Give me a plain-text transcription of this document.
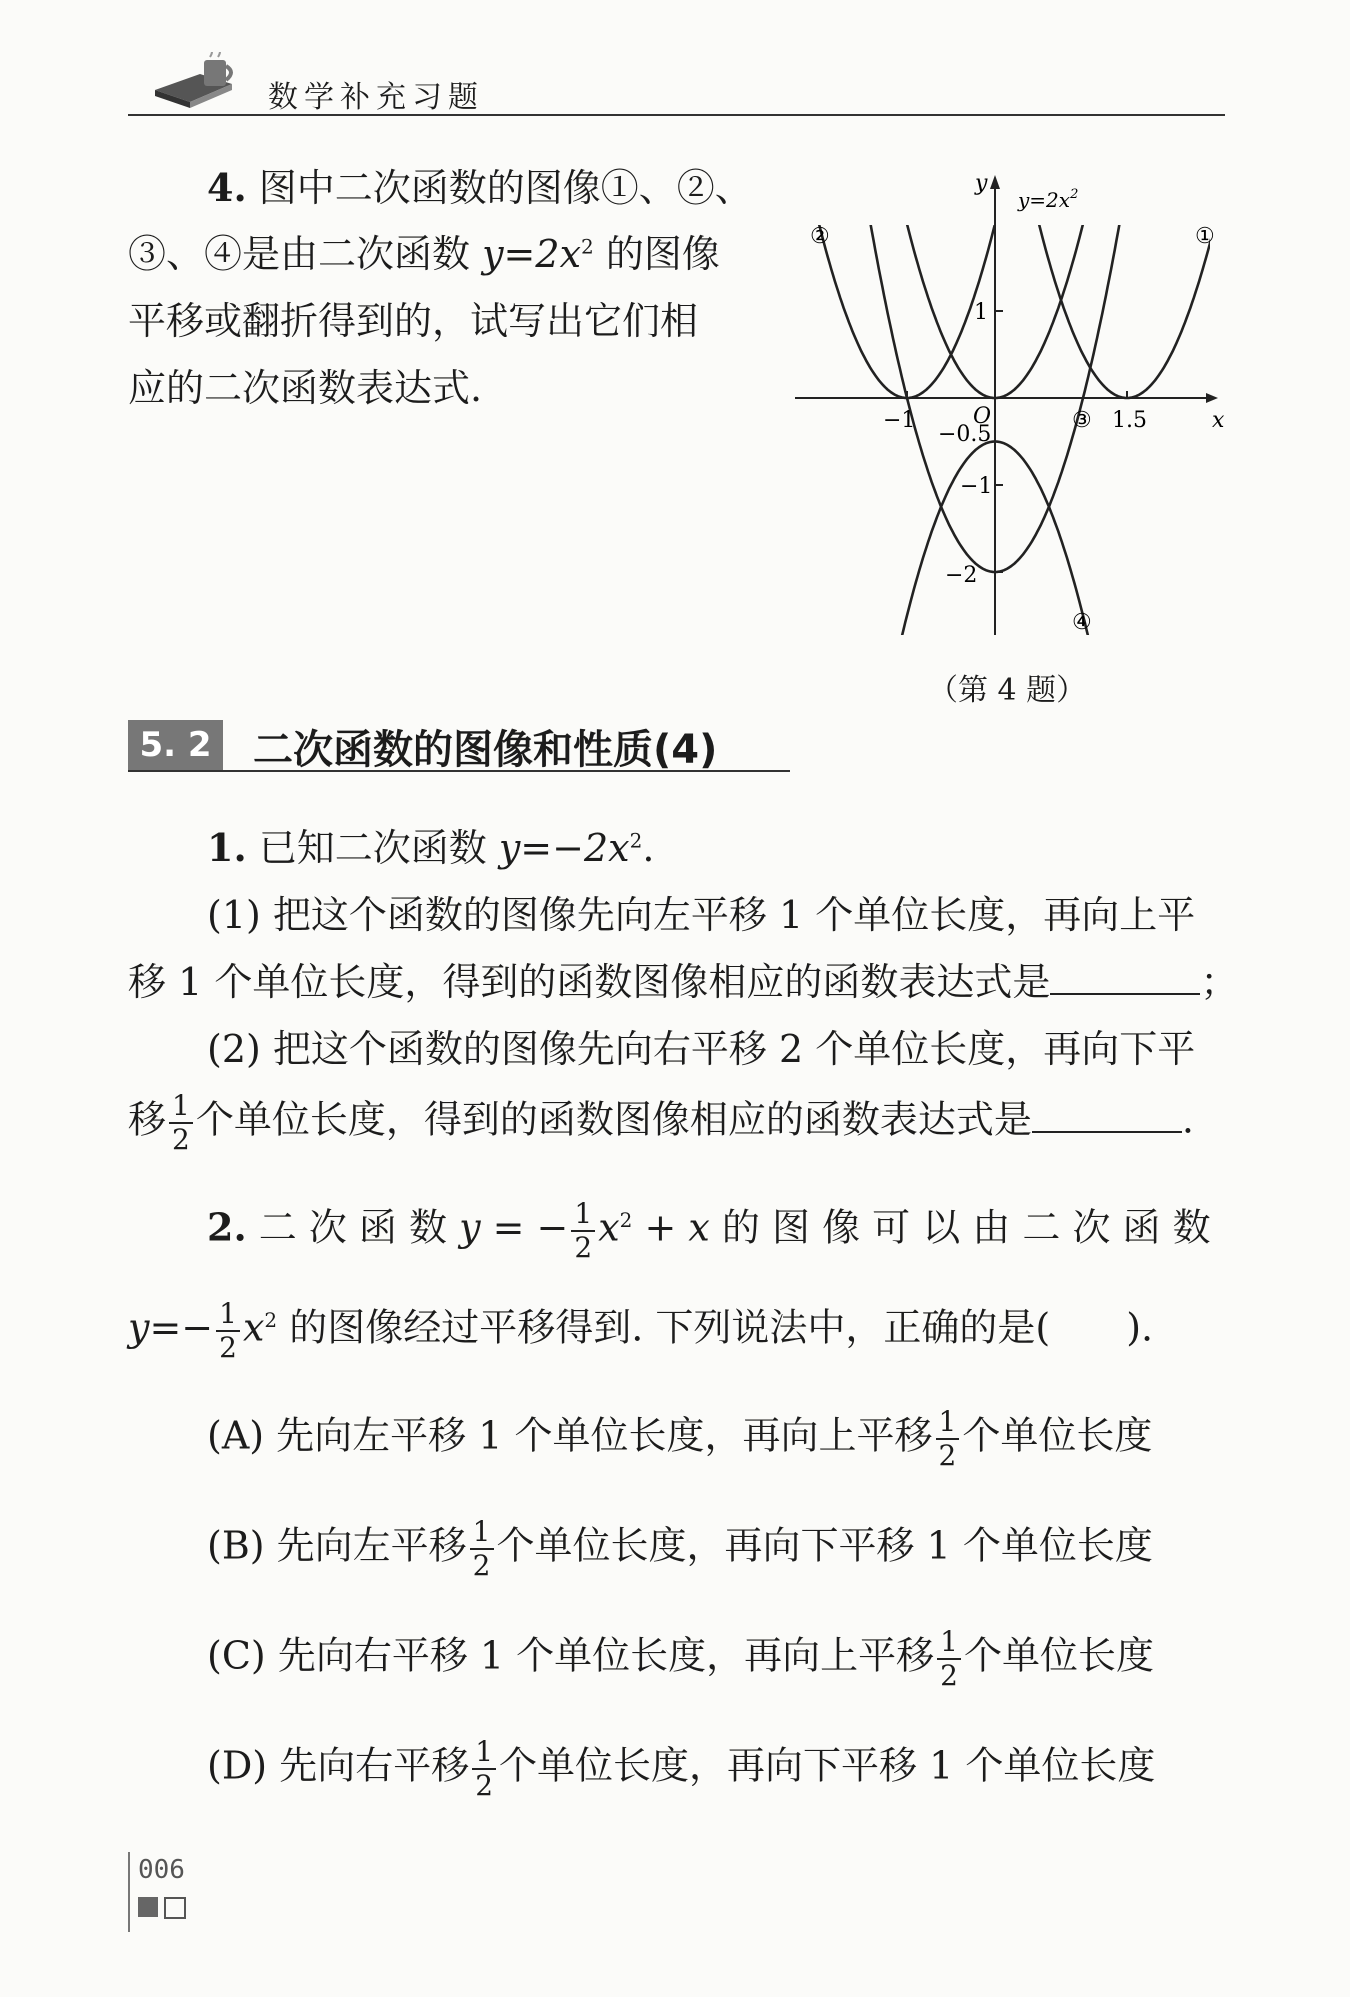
数学补充习题
4. 图中二次函数的图像①、②、
③、④是由二次函数 $y=2x^2$ 的图像
平移或翻折得到的，试写出它们相
应的二次函数表达式.
y
x
O
$y=2x^2$
−1	1.5
1
−0.5
−1
−2
①
②
③
④
（第 4 题）
5. 2 二次函数的图像和性质(4)
1. 已知二次函数 $y=-2x^2$.
(1) 把这个函数的图像先向左平移 1 个单位长度，再向上平
移 1 个单位长度，得到的函数图像相应的函数表达式是	；
(2) 把这个函数的图像先向右平移 2 个单位长度，再向下平
移 $\frac{1}{2}$ 个单位长度，得到的函数图像相应的函数表达式是	.
2. 二 次 函 数 y = − $\frac{1}{2} x^2 + x$ 的 图 像 可 以 由 二 次 函 数
$y=- \frac{1}{2} x^2$ 的图像经过平移得到. 下列说法中，正确的是(　　).
(A) 先向左平移 1 个单位长度，再向上平移 $\frac{1}{2}$ 个单位长度
(B) 先向左平移 $\frac{1}{2}$ 个单位长度，再向下平移 1 个单位长度
(C) 先向右平移 1 个单位长度，再向上平移 $\frac{1}{2}$ 个单位长度
(D) 先向右平移 $\frac{1}{2}$ 个单位长度，再向下平移 1 个单位长度
006
